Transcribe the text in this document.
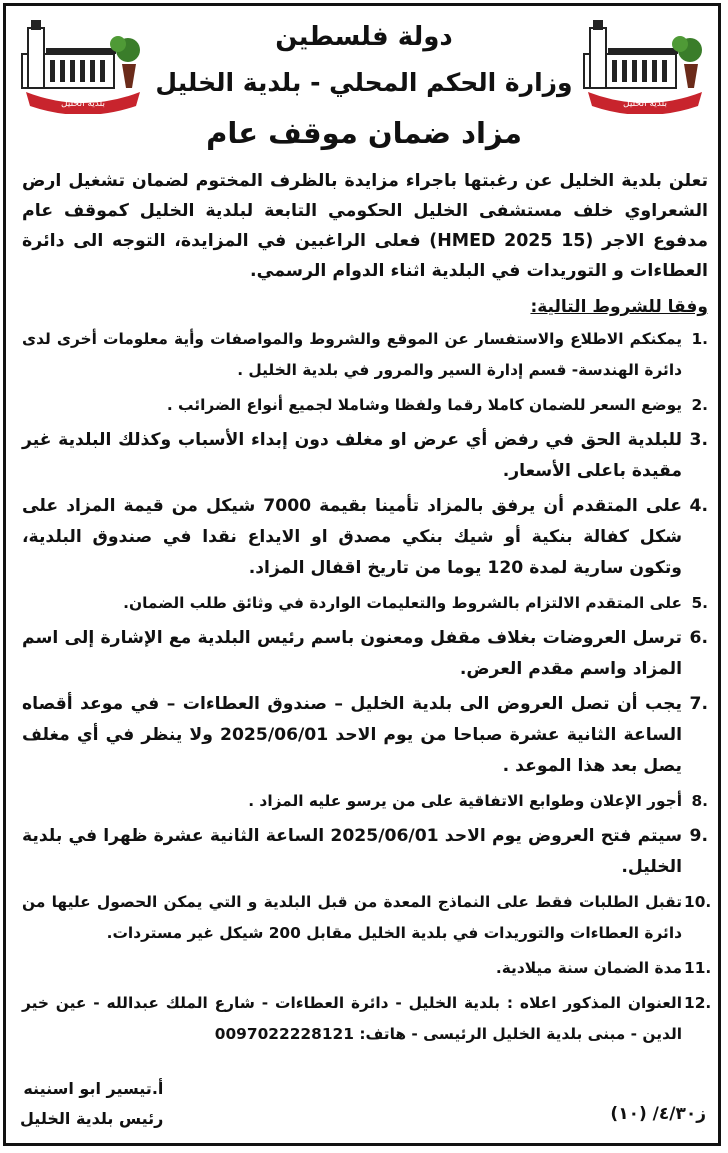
بلدية الخليل
بلدية الخليل
دولة فلسطين
وزارة الحكم المحلي - بلدية الخليل
مزاد ضمان موقف عام

تعلن بلدية الخليل عن رغبتها باجراء مزايدة بالظرف المختوم لضمان تشغيل ارض الشعراوي خلف مستشفى الخليل الحكومي التابعة لبلدية الخليل كموقف عام مدفوع الاجر (HMED 2025 15) فعلى الراغبين في المزايدة، التوجه الى دائرة العطاءات و التوريدات في البلدية اثناء الدوام الرسمي.

وفقا للشروط التالية:
1.
يمكنكم الاطلاع والاستفسار عن الموقع والشروط والمواصفات وأية معلومات أخرى لدى دائرة الهندسة- قسم إدارة السير والمرور في بلدية الخليل .
2.
يوضع السعر للضمان كاملا رقما ولفظا وشاملا لجميع أنواع الضرائب .
3.
للبلدية الحق في رفض أي عرض او مغلف دون إبداء الأسباب وكذلك البلدية غير مقيدة باعلى الأسعار.
4.
على المتقدم أن يرفق بالمزاد تأمينا بقيمة 7000 شيكل من قيمة المزاد على شكل كفالة بنكية أو شيك بنكي مصدق او الايداع نقدا في صندوق البلدية، وتكون سارية لمدة 120 يوما من تاريخ اقفال المزاد.
5.
على المتقدم الالتزام بالشروط والتعليمات الواردة في وثائق طلب الضمان.
6.
ترسل العروضات بغلاف مقفل ومعنون باسم رئيس البلدية مع الإشارة إلى اسم المزاد واسم مقدم العرض.
7.
يجب أن تصل العروض الى بلدية الخليل – صندوق العطاءات – في موعد أقصاه الساعة الثانية عشرة صباحا من يوم الاحد 2025/06/01 ولا ينظر في أي مغلف يصل بعد هذا الموعد .
8.
أجور الإعلان وطوابع الاتفاقية على من يرسو عليه المزاد .
9.
سيتم فتح العروض يوم الاحد 2025/06/01 الساعة الثانية عشرة ظهرا في بلدية الخليل.
10.
تقبل الطلبات فقط على النماذج المعدة من قبل البلدية و التي يمكن الحصول عليها من دائرة العطاءات والتوريدات في بلدية الخليل مقابل 200 شيكل غير مستردات.
11.
مدة الضمان سنة ميلادية.
12.
العنوان المذكور اعلاه : بلدية الخليل - دائرة العطاءات - شارع الملك عبدالله - عين خير الدين - مبنى بلدية الخليل الرئيسى - هاتف: 0097022228121
أ.تيسير ابو اسنينه
رئيس بلدية الخليل	ز٤/٣٠/ (١٠)
